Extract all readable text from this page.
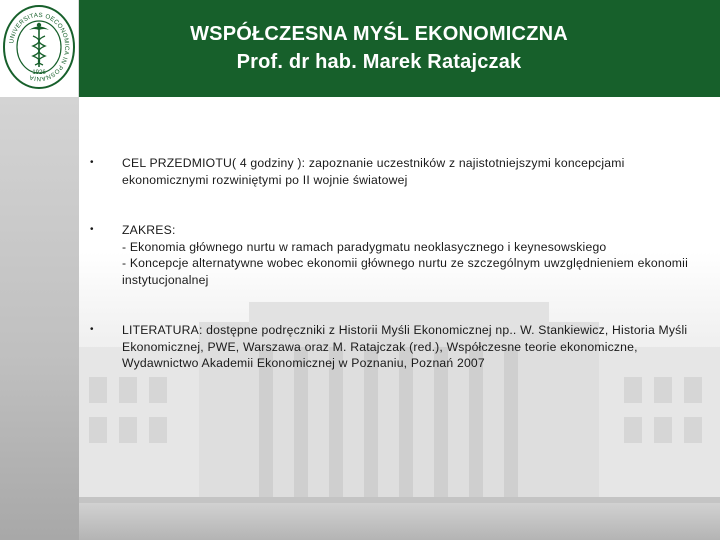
UNIVERSITAS OECONOMICA IN POSNANIA
1926
WSPÓŁCZESNA MYŚL EKONOMICZNA
Prof. dr hab. Marek Ratajczak
• CEL PRZEDMIOTU( 4 godziny ): zapoznanie uczestników z najistotniejszymi koncepcjami ekonomicznymi rozwiniętymi po II wojnie światowej
• ZAKRES:
- Ekonomia głównego nurtu w ramach paradygmatu neoklasycznego i keynesowskiego
- Koncepcje alternatywne wobec ekonomii głównego nurtu ze szczególnym uwzględnieniem ekonomii instytucjonalnej
• LITERATURA: dostępne podręczniki z Historii Myśli Ekonomicznej np.. W. Stankiewicz, Historia Myśli Ekonomicznej, PWE, Warszawa oraz M. Ratajczak (red.), Współczesne teorie ekonomiczne, Wydawnictwo Akademii Ekonomicznej w Poznaniu, Poznań 2007
